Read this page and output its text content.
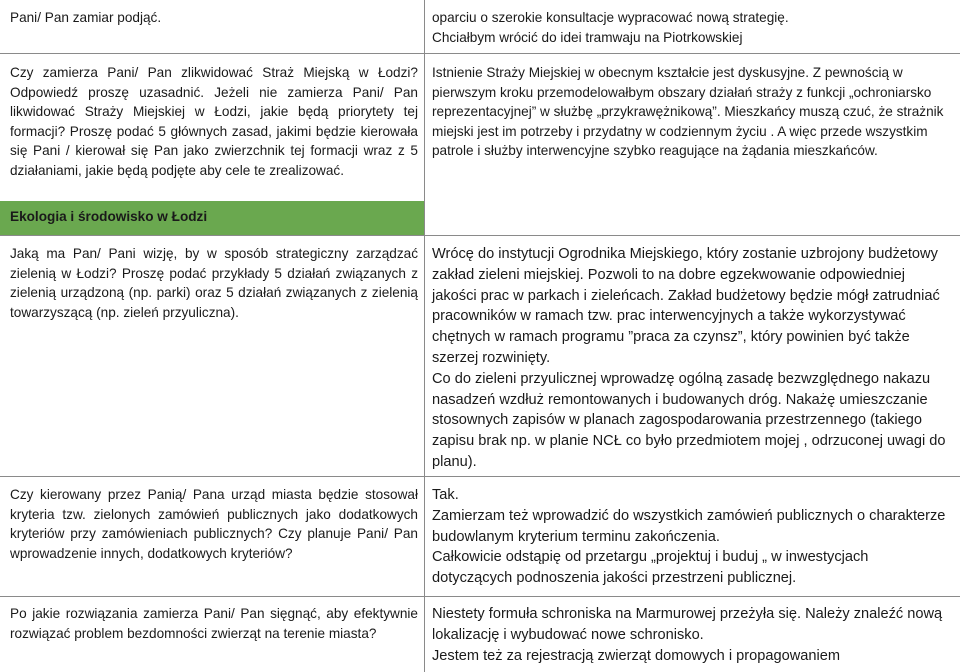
Pani/ Pan zamiar podjąć.	oparciu o szerokie konsultacje wypracować nową strategię.

Chciałbym wrócić do idei tramwaju na Piotrkowskiej

Czy zamierza Pani/ Pan zlikwidować Straż Miejską w Łodzi? Odpowiedź proszę uzasadnić. Jeżeli nie zamierza Pani/ Pan likwidować Straży Miejskiej w Łodzi, jakie będą priorytety tej formacji? Proszę podać 5 głównych zasad, jakimi będzie kierowała się Pani / kierował się Pan jako zwierzchnik tej formacji wraz z 5 działaniami, jakie będą podjęte aby cele te zrealizować.

Istnienie Straży Miejskiej w obecnym kształcie jest dyskusyjne. Z pewnością w pierwszym kroku przemodelowałbym obszary działań straży z funkcji „ochroniarsko reprezentacyjnej” w służbę „przykrawężnikową”. Mieszkańcy muszą czuć, że strażnik miejski jest im potrzeby i przydatny w codziennym życiu . A więc przede wszystkim patrole i służby interwencyjne szybko reagujące na żądania mieszkańców.

Ekologia i środowisko w Łodzi

Jaką ma Pan/ Pani wizję, by w sposób strategiczny zarządzać zielenią w Łodzi? Proszę podać przykłady 5 działań związanych z zielenią urządzoną (np. parki) oraz 5 działań związanych z zielenią towarzyszącą (np. zieleń przyuliczna).

Wrócę do instytucji Ogrodnika Miejskiego, który zostanie uzbrojony budżetowy zakład zieleni miejskiej. Pozwoli to na dobre egzekwowanie odpowiedniej jakości prac w parkach i zieleńcach. Zakład budżetowy będzie mógł zatrudniać pracowników w ramach tzw. prac interwencyjnych a także wykorzystywać chętnych w ramach programu ”praca za czynsz”, który powinien być także szerzej rozwinięty.

Co do zieleni przyulicznej wprowadzę ogólną zasadę bezwzględnego nakazu nasadzeń wzdłuż remontowanych i budowanych dróg. Nakażę umieszczanie stosownych zapisów w planach zagospodarowania przestrzennego (takiego zapisu brak np. w planie NCŁ co było przedmiotem mojej , odrzuconej uwagi do planu).

Czy kierowany przez Panią/ Pana urząd miasta będzie stosował kryteria tzw. zielonych zamówień publicznych jako dodatkowych kryteriów przy zamówieniach publicznych? Czy planuje Pani/ Pan wprowadzenie innych, dodatkowych kryteriów?

Tak.

Zamierzam też wprowadzić do wszystkich zamówień publicznych o charakterze budowlanym kryterium terminu zakończenia.

Całkowicie odstąpię od przetargu „projektuj i buduj „ w inwestycjach dotyczących podnoszenia jakości przestrzeni publicznej.

Po jakie rozwiązania zamierza Pani/ Pan sięgnąć, aby efektywnie rozwiązać problem bezdomności zwierząt na terenie miasta?

Niestety formuła schroniska na Marmurowej przeżyła się. Należy znaleźć nową lokalizację i wybudować nowe schronisko.

Jestem też za rejestracją zwierząt domowych i propagowaniem
